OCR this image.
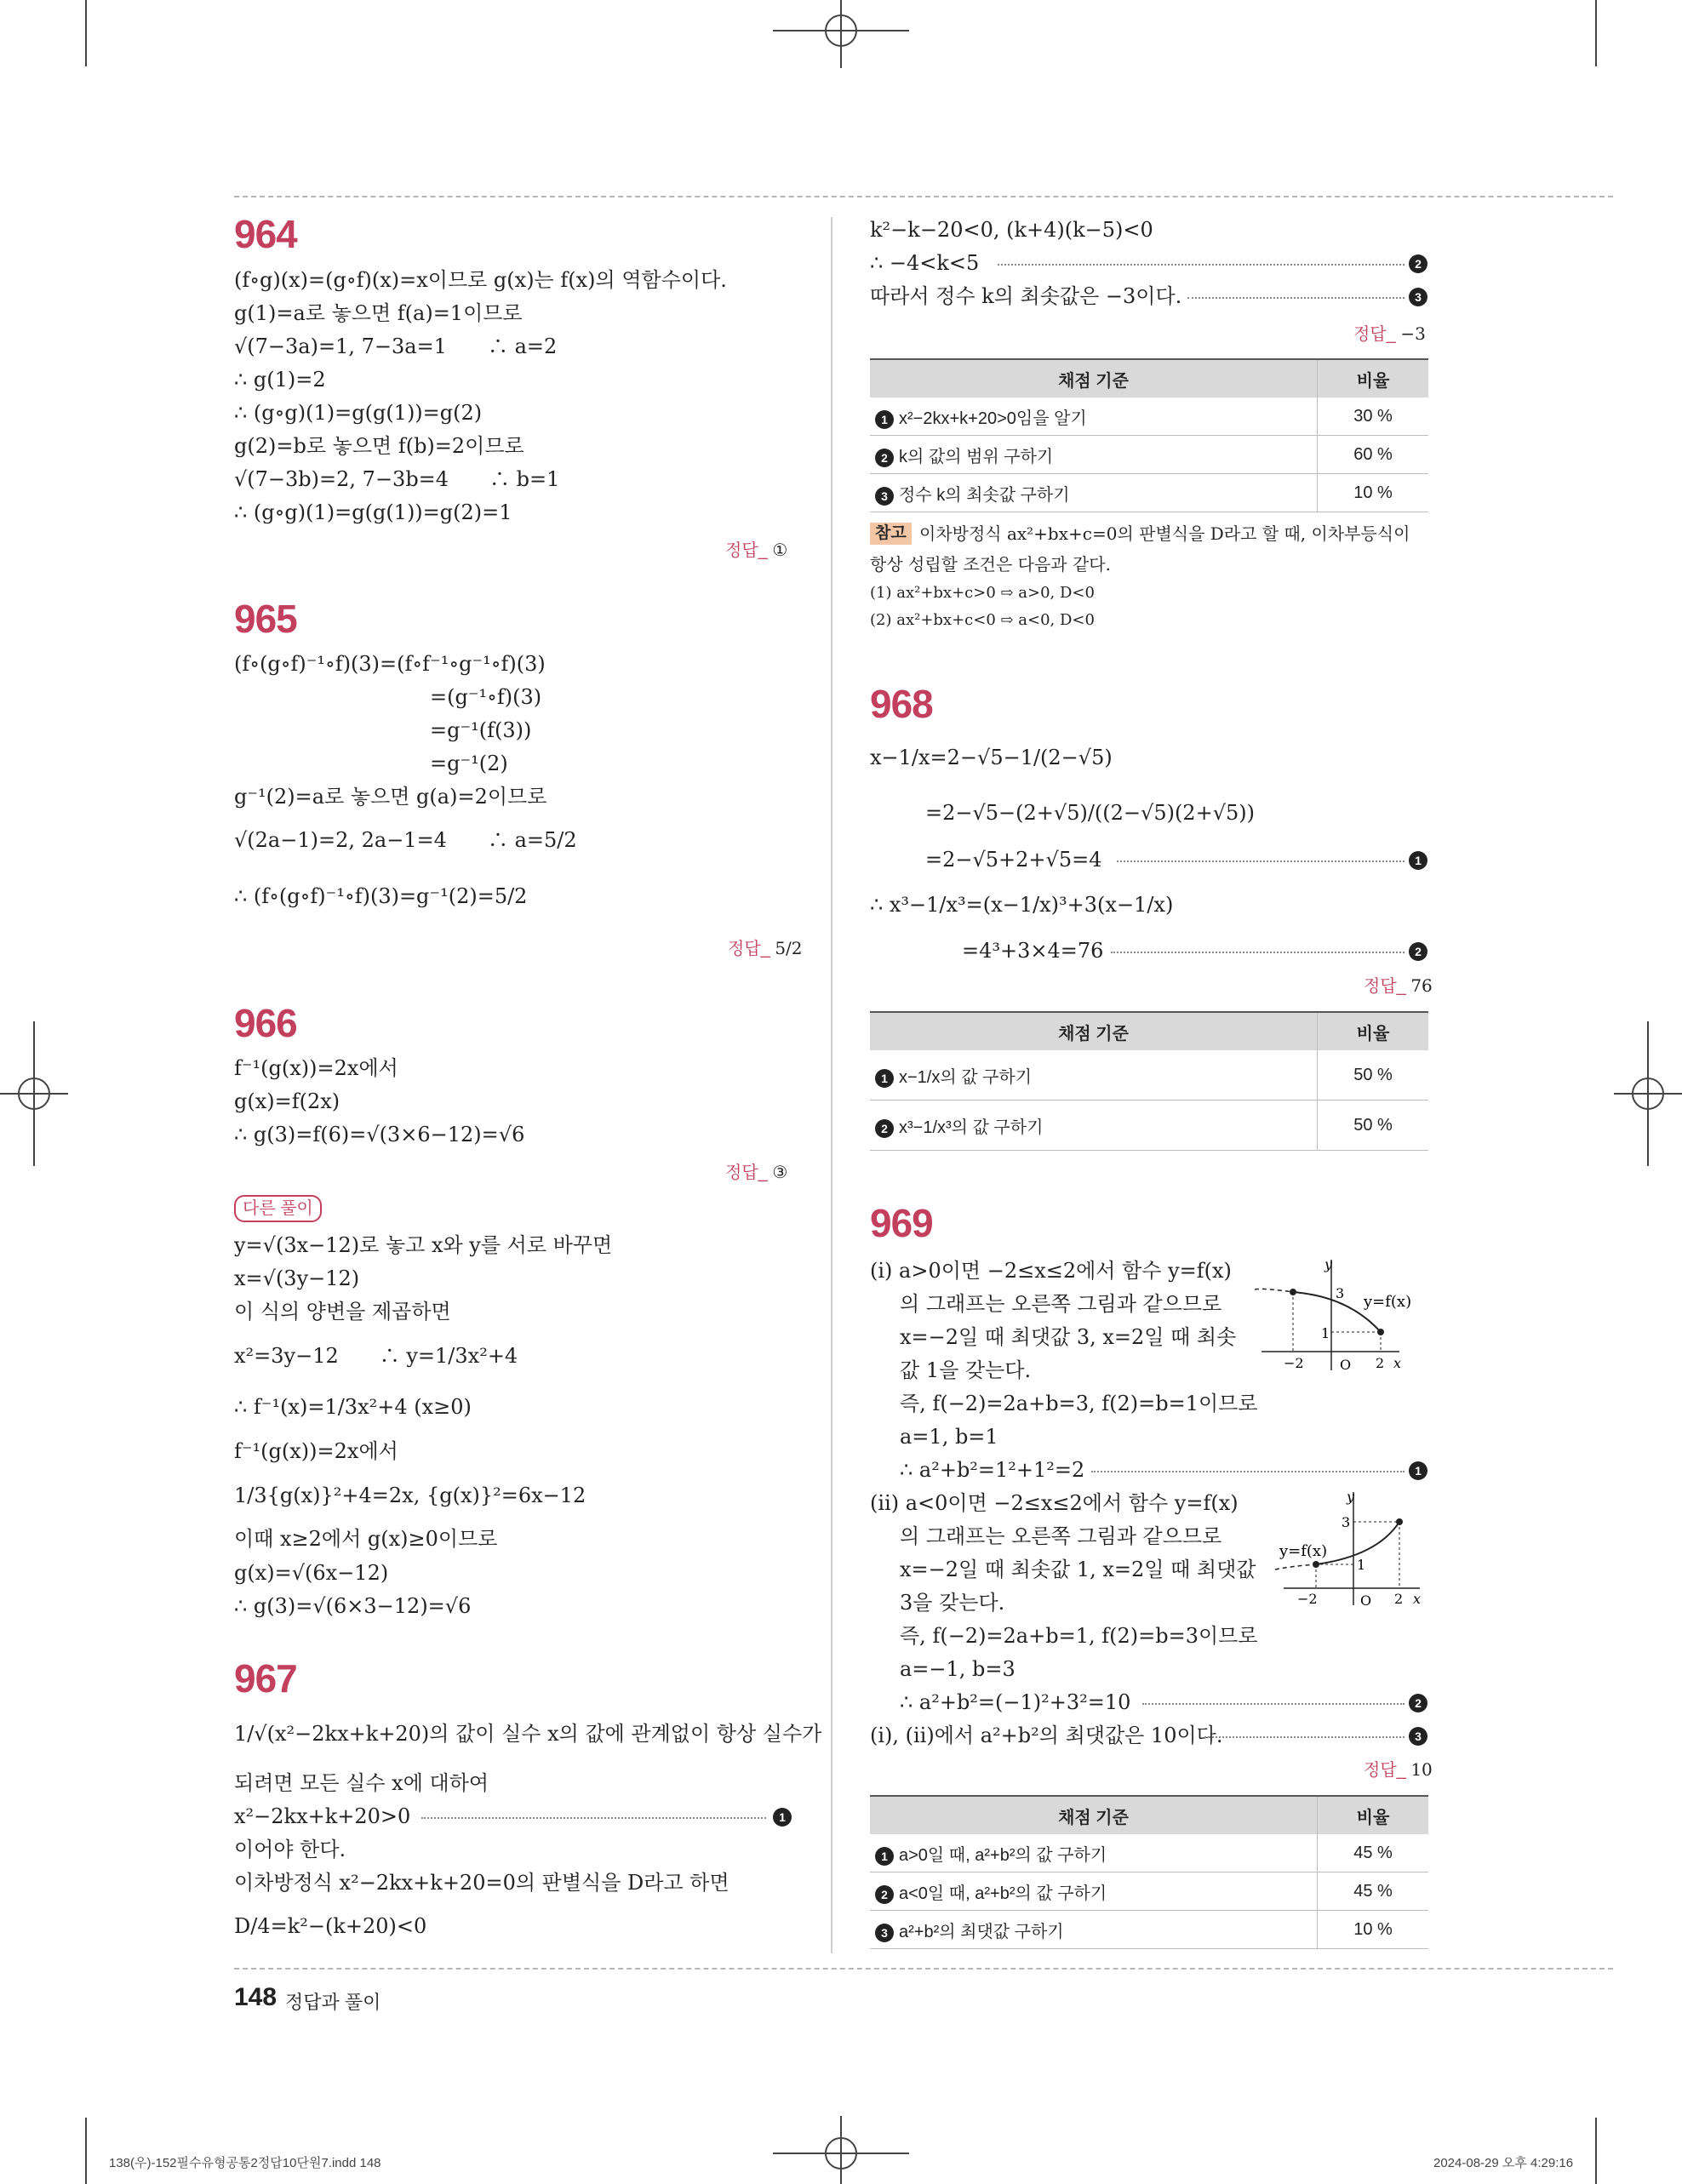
964
(f∘g)(x)=(g∘f)(x)=x이므로 g(x)는 f(x)의 역함수이다.
g(1)=a로 놓으면 f(a)=1이므로
√(7−3a)=1, 7−3a=1　　∴ a=2
∴ g(1)=2
∴ (g∘g)(1)=g(g(1))=g(2)
g(2)=b로 놓으면 f(b)=2이므로
√(7−3b)=2, 7−3b=4　　∴ b=1
∴ (g∘g)(1)=g(g(1))=g(2)=1
정답_ ①
965
(f∘(g∘f)⁻¹∘f)(3)=(f∘f⁻¹∘g⁻¹∘f)(3)
=(g⁻¹∘f)(3)
=g⁻¹(f(3))
=g⁻¹(2)
g⁻¹(2)=a로 놓으면 g(a)=2이므로
√(2a−1)=2, 2a−1=4　　∴ a=5/2
∴ (f∘(g∘f)⁻¹∘f)(3)=g⁻¹(2)=5/2
정답_ 5/2
966
f⁻¹(g(x))=2x에서
g(x)=f(2x)
∴ g(3)=f(6)=√(3×6−12)=√6
정답_ ③
다른 풀이
y=√(3x−12)로 놓고 x와 y를 서로 바꾸면
x=√(3y−12)
이 식의 양변을 제곱하면
x²=3y−12　　∴ y=1/3x²+4
∴ f⁻¹(x)=1/3x²+4 (x≥0)
f⁻¹(g(x))=2x에서
1/3{g(x)}²+4=2x, {g(x)}²=6x−12
이때 x≥2에서 g(x)≥0이므로
g(x)=√(6x−12)
∴ g(3)=√(6×3−12)=√6
967
1/√(x²−2kx+k+20)의 값이 실수 x의 값에 관계없이 항상 실수가
되려면 모든 실수 x에 대하여
x²−2kx+k+20>0	1
이어야 한다.
이차방정식 x²−2kx+k+20=0의 판별식을 D라고 하면
D/4=k²−(k+20)<0
k²−k−20<0, (k+4)(k−5)<0
∴ −4<k<5	2
따라서 정수 k의 최솟값은 −3이다.	3
정답_ −3
채점 기준	비율
1 x²−2kx+k+20>0임을 알기	30 %
2 k의 값의 범위 구하기	60 %
3 정수 k의 최솟값 구하기	10 %
참고 이차방정식 ax²+bx+c=0의 판별식을 D라고 할 때, 이차부등식이
항상 성립할 조건은 다음과 같다.
(1) ax²+bx+c>0 ⇨ a>0, D<0
(2) ax²+bx+c<0 ⇨ a<0, D<0
968
x−1/x=2−√5−1/(2−√5)
=2−√5−(2+√5)/((2−√5)(2+√5))
=2−√5+2+√5=4	1
∴ x³−1/x³=(x−1/x)³+3(x−1/x)
=4³+3×4=76	2
정답_ 76
채점 기준	비율
1 x−1/x의 값 구하기	50 %
2 x³−1/x³의 값 구하기	50 %
969
(ⅰ) a>0이면 −2≤x≤2에서 함수 y=f(x)
의 그래프는 오른쪽 그림과 같으므로
x=−2일 때 최댓값 3, x=2일 때 최솟
값 1을 갖는다.
즉, f(−2)=2a+b=3, f(2)=b=1이므로
a=1, b=1
∴ a²+b²=1²+1²=2	1
y
y=f(x)
3
1
−2	O 2 x
(ⅱ) a<0이면 −2≤x≤2에서 함수 y=f(x)
의 그래프는 오른쪽 그림과 같으므로
x=−2일 때 최솟값 1, x=2일 때 최댓값
3을 갖는다.
즉, f(−2)=2a+b=1, f(2)=b=3이므로
a=−1, b=3
∴ a²+b²=(−1)²+3²=10	2
(ⅰ), (ⅱ)에서 a²+b²의 최댓값은 10이다.	3
y
y=f(x)
3
1
−2	O 2 x
정답_ 10
채점 기준	비율
1 a>0일 때, a²+b²의 값 구하기	45 %
2 a<0일 때, a²+b²의 값 구하기	45 %
3 a²+b²의 최댓값 구하기	10 %
148 정답과 풀이
138(우)-152필수유형공통2정답10단원7.indd 148	2024-08-29 오후 4:29:16
